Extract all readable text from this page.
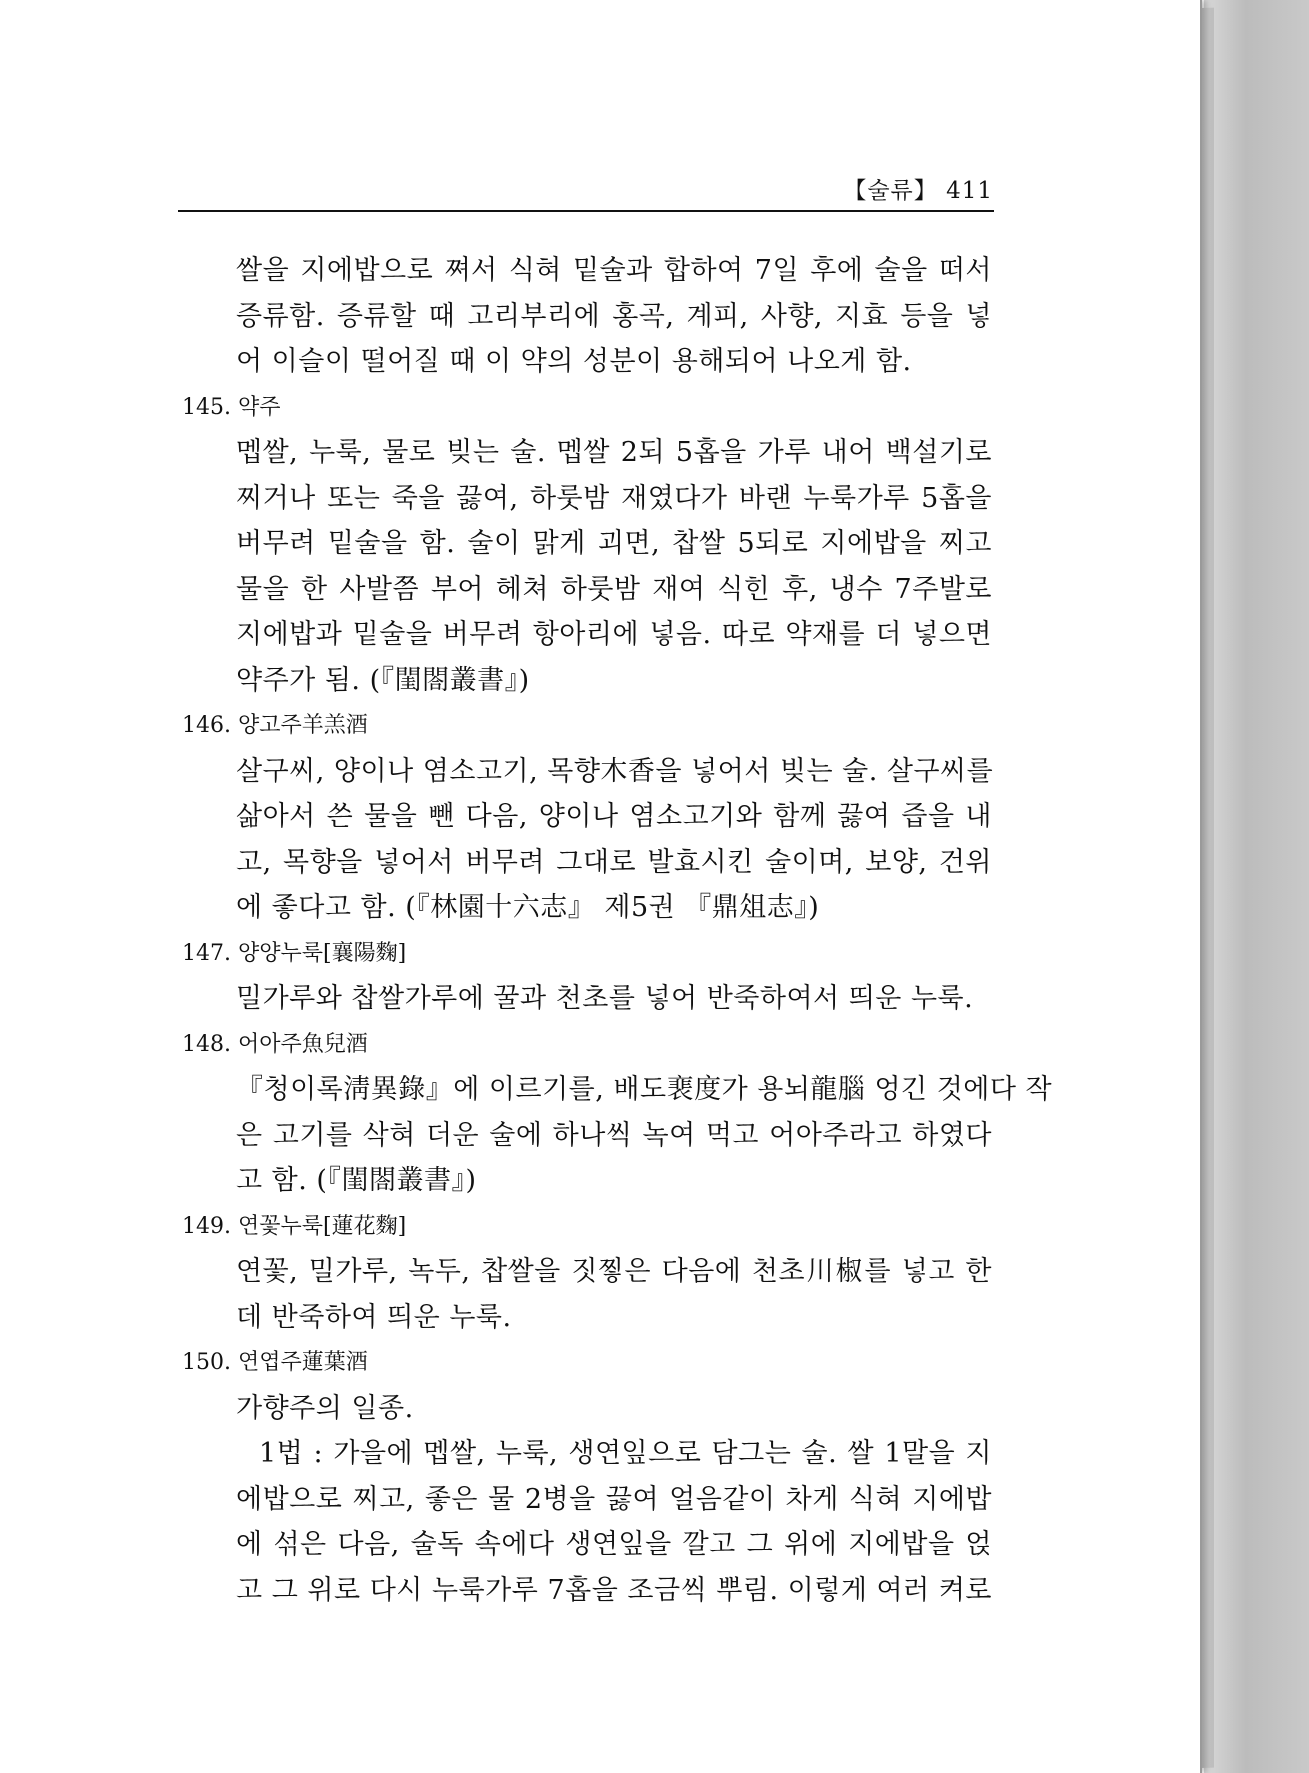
【술류】 411
쌀을 지에밥으로 쪄서 식혀 밑술과 합하여 7일 후에 술을 떠서
증류함. 증류할 때 고리부리에 홍곡, 계피, 사향, 지효 등을 넣
어 이슬이 떨어질 때 이 약의 성분이 용해되어 나오게 함.
145. 약주
멥쌀, 누룩, 물로 빚는 술. 멥쌀 2되 5홉을 가루 내어 백설기로
찌거나 또는 죽을 끓여, 하룻밤 재였다가 바랜 누룩가루 5홉을
버무려 밑술을 함. 술이 맑게 괴면, 찹쌀 5되로 지에밥을 찌고
물을 한 사발쯤 부어 헤쳐 하룻밤 재여 식힌 후, 냉수 7주발로
지에밥과 밑술을 버무려 항아리에 넣음. 따로 약재를 더 넣으면
약주가 됨. (『閨閤叢書』)
146. 양고주羊羔酒
살구씨, 양이나 염소고기, 목향木香을 넣어서 빚는 술. 살구씨를
삶아서 쓴 물을 뺀 다음, 양이나 염소고기와 함께 끓여 즙을 내
고, 목향을 넣어서 버무려 그대로 발효시킨 술이며, 보양, 건위
에 좋다고 함. (『林園十六志』 제5권 『鼎俎志』)
147. 양양누룩[襄陽麴]
밀가루와 찹쌀가루에 꿀과 천초를 넣어 반죽하여서 띄운 누룩.
148. 어아주魚兒酒
『청이록淸異錄』에 이르기를, 배도裵度가 용뇌龍腦 엉긴 것에다 작
은 고기를 삭혀 더운 술에 하나씩 녹여 먹고 어아주라고 하였다
고 함. (『閨閤叢書』)
149. 연꽃누룩[蓮花麴]
연꽃, 밀가루, 녹두, 찹쌀을 짓찧은 다음에 천초川椒를 넣고 한
데 반죽하여 띄운 누룩.
150. 연엽주蓮葉酒
가향주의 일종.
1법 : 가을에 멥쌀, 누룩, 생연잎으로 담그는 술. 쌀 1말을 지
에밥으로 찌고, 좋은 물 2병을 끓여 얼음같이 차게 식혀 지에밥
에 섞은 다음, 술독 속에다 생연잎을 깔고 그 위에 지에밥을 얹
고 그 위로 다시 누룩가루 7홉을 조금씩 뿌림. 이렇게 여러 켜로
